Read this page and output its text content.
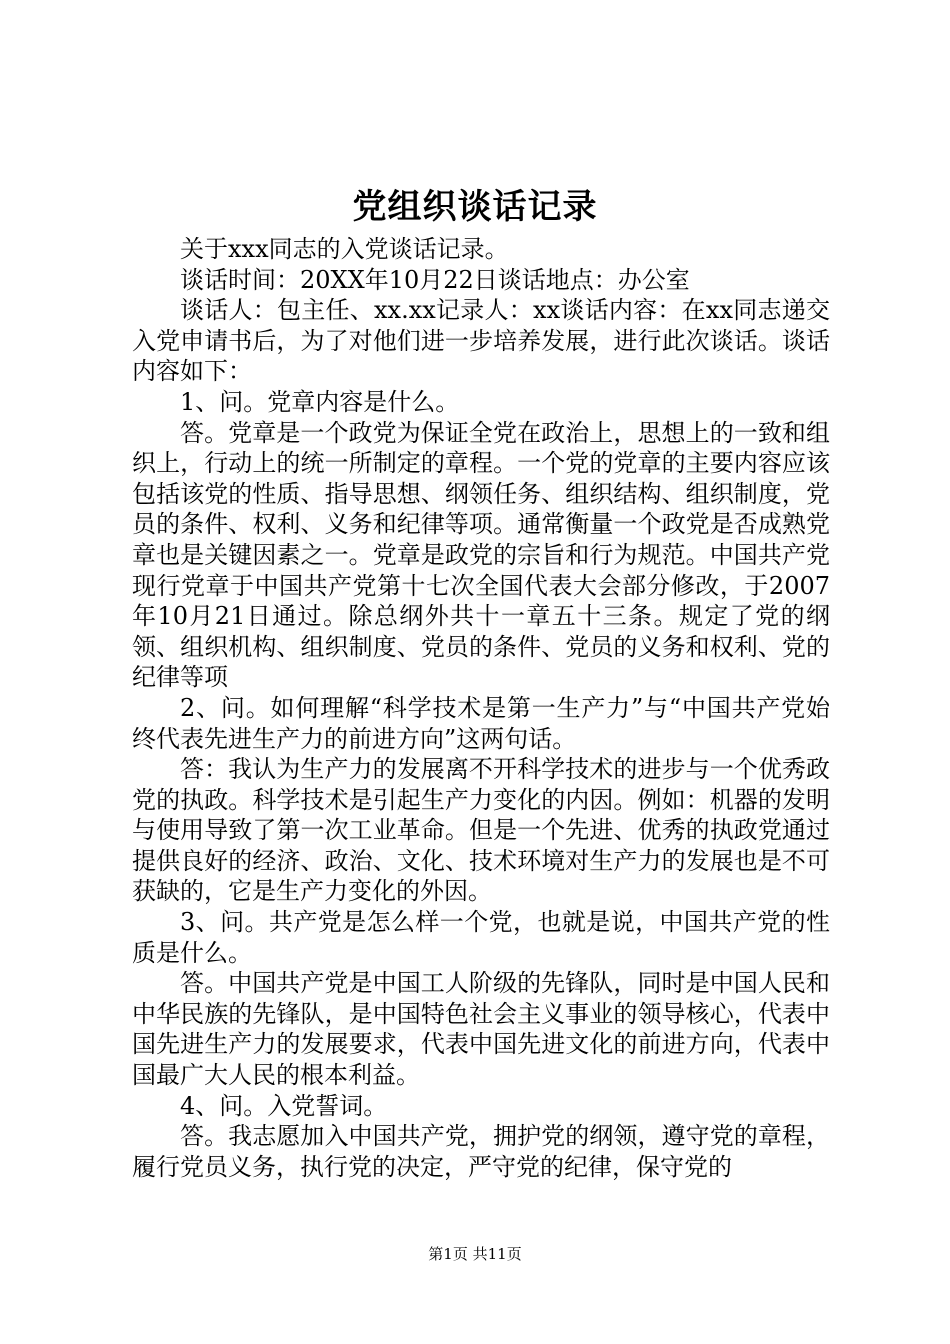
党组织谈话记录

关于xxx同志的入党谈话记录。

谈话时间：20XX年10月22日谈话地点：办公室

谈话人：包主任、xx.xx记录人：xx谈话内容：在xx同志递交入党申请书后，为了对他们进一步培养发展，进行此次谈话。谈话内容如下：

1、问。党章内容是什么。

答。党章是一个政党为保证全党在政治上，思想上的一致和组织上，行动上的统一所制定的章程。一个党的党章的主要内容应该包括该党的性质、指导思想、纲领任务、组织结构、组织制度，党员的条件、权利、义务和纪律等项。通常衡量一个政党是否成熟党章也是关键因素之一。党章是政党的宗旨和行为规范。中国共产党现行党章于中国共产党第十七次全国代表大会部分修改，于2007年10月21日通过。除总纲外共十一章五十三条。规定了党的纲领、组织机构、组织制度、党员的条件、党员的义务和权利、党的纪律等项

2、问。如何理解“科学技术是第一生产力”与“中国共产党始终代表先进生产力的前进方向”这两句话。

答：我认为生产力的发展离不开科学技术的进步与一个优秀政党的执政。科学技术是引起生产力变化的内因。例如：机器的发明与使用导致了第一次工业革命。但是一个先进、优秀的执政党通过提供良好的经济、政治、文化、技术环境对生产力的发展也是不可获缺的，它是生产力变化的外因。

3、问。共产党是怎么样一个党，也就是说，中国共产党的性质是什么。

答。中国共产党是中国工人阶级的先锋队，同时是中国人民和中华民族的先锋队，是中国特色社会主义事业的领导核心，代表中国先进生产力的发展要求，代表中国先进文化的前进方向，代表中国最广大人民的根本利益。

4、问。入党誓词。

答。我志愿加入中国共产党，拥护党的纲领，遵守党的章程，履行党员义务，执行党的决定，严守党的纪律，保守党的

第1页 共11页
